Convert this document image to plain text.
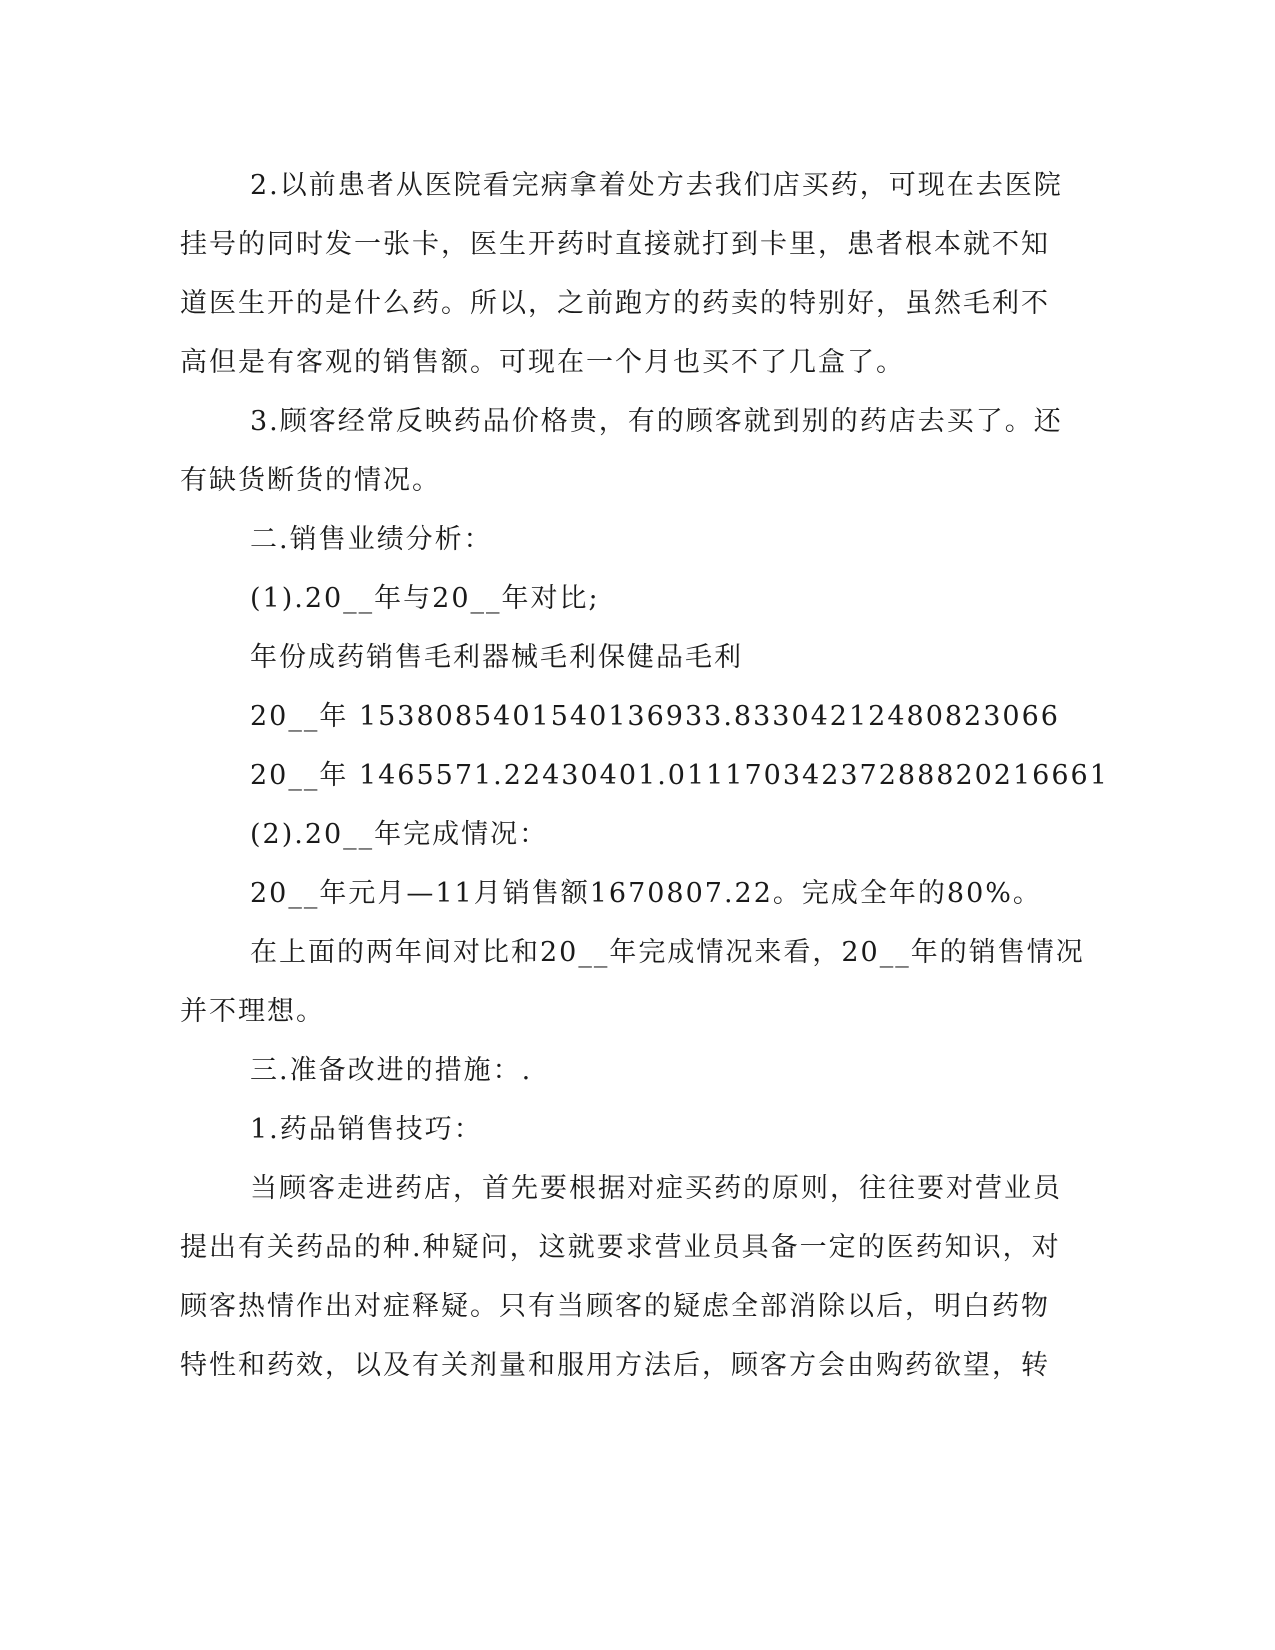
2.以前患者从医院看完病拿着处方去我们店买药，可现在去医院
挂号的同时发一张卡，医生开药时直接就打到卡里，患者根本就不知
道医生开的是什么药。所以，之前跑方的药卖的特别好，虽然毛利不
高但是有客观的销售额。可现在一个月也买不了几盒了。
3.顾客经常反映药品价格贵，有的顾客就到别的药店去买了。还
有缺货断货的情况。
二.销售业绩分析：
(1).20__年与20__年对比;
年份成药销售毛利器械毛利保健品毛利
20__年 1538085401540136933.83304212480823066
20__年 1465571.22430401.01117034237288820216661
(2).20__年完成情况：
20__年元月—11月销售额1670807.22。完成全年的80%。
在上面的两年间对比和20__年完成情况来看，20__年的销售情况
并不理想。
三.准备改进的措施：.
1.药品销售技巧：
当顾客走进药店，首先要根据对症买药的原则，往往要对营业员
提出有关药品的种.种疑问，这就要求营业员具备一定的医药知识，对
顾客热情作出对症释疑。只有当顾客的疑虑全部消除以后，明白药物
特性和药效，以及有关剂量和服用方法后，顾客方会由购药欲望，转
